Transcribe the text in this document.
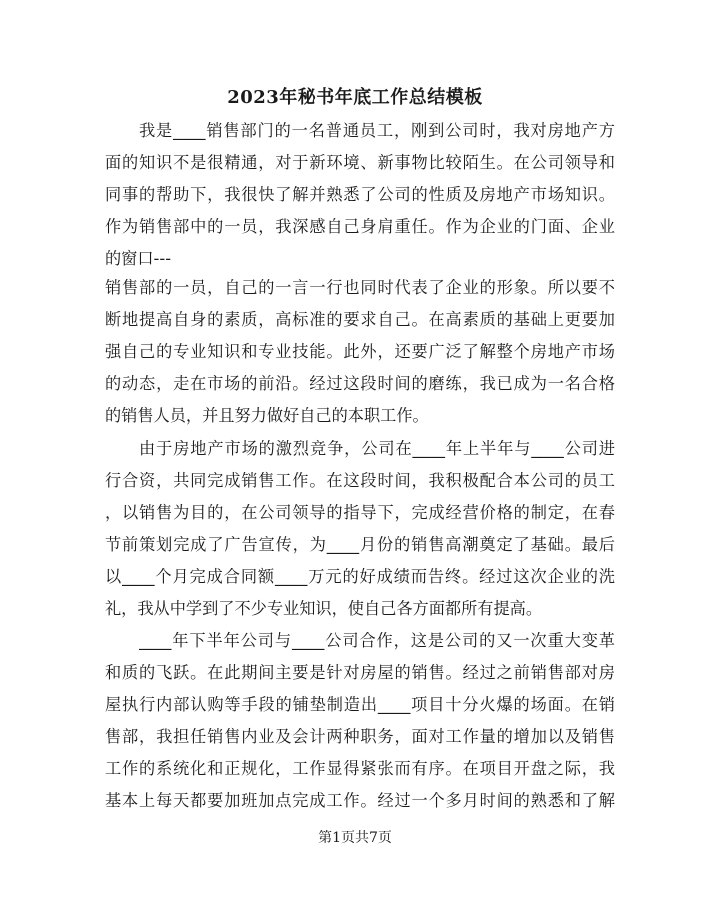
2023年秘书年底工作总结模板
我是____销售部门的一名普通员工，刚到公司时，我对房地产方
面的知识不是很精通，对于新环境、新事物比较陌生。在公司领导和
同事的帮助下，我很快了解并熟悉了公司的性质及房地产市场知识。
作为销售部中的一员，我深感自己身肩重任。作为企业的门面、企业
的窗口---
销售部的一员，自己的一言一行也同时代表了企业的形象。所以要不
断地提高自身的素质，高标准的要求自己。在高素质的基础上更要加
强自己的专业知识和专业技能。此外，还要广泛了解整个房地产市场
的动态，走在市场的前沿。经过这段时间的磨练，我已成为一名合格
的销售人员，并且努力做好自己的本职工作。
由于房地产市场的激烈竞争，公司在____年上半年与____公司进
行合资，共同完成销售工作。在这段时间，我积极配合本公司的员工
，以销售为目的，在公司领导的指导下，完成经营价格的制定，在春
节前策划完成了广告宣传，为____月份的销售高潮奠定了基础。最后
以____个月完成合同额____万元的好成绩而告终。经过这次企业的洗
礼，我从中学到了不少专业知识，使自己各方面都所有提高。
____年下半年公司与____公司合作，这是公司的又一次重大变革
和质的飞跃。在此期间主要是针对房屋的销售。经过之前销售部对房
屋执行内部认购等手段的铺垫制造出____项目十分火爆的场面。在销
售部，我担任销售内业及会计两种职务，面对工作量的增加以及销售
工作的系统化和正规化，工作显得紧张而有序。在项目开盘之际，我
基本上每天都要加班加点完成工作。经过一个多月时间的熟悉和了解
第1页共7页
